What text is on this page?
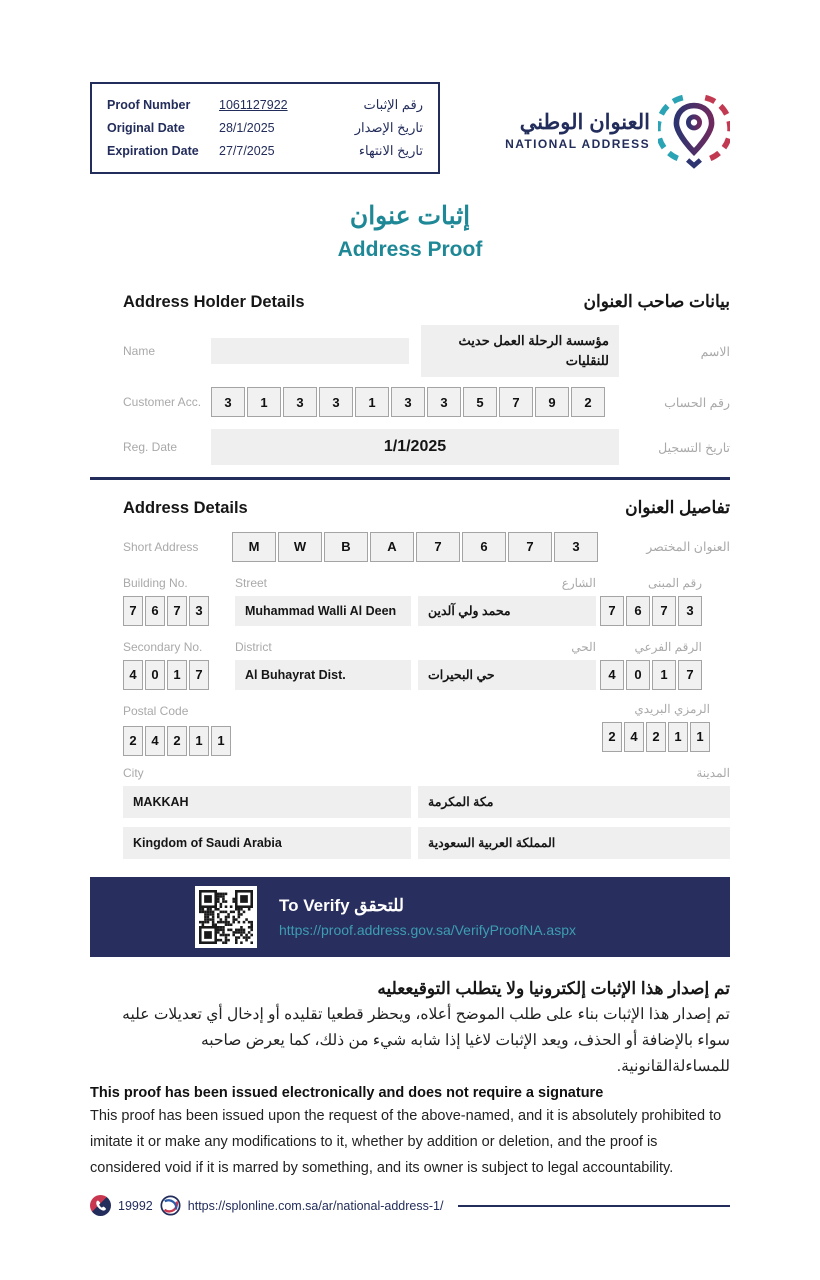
Proof Number	1061127922	رقم الإثبات
Original Date	28/1/2025	تاريخ الإصدار
Expiration Date	27/7/2025	تاريخ الانتهاء
العنوان الوطني
NATIONAL ADDRESS
إثبات عنوان
Address Proof
Address Holder Details	بيانات صاحب العنوان
Name
مؤسسة الرحلة العمل حديث للنقليات
الاسم
Customer Acc.	3	1	3	3	1	3	3	5	7	9	2	رقم الحساب
Reg. Date	1/1/2025	تاريخ التسجيل
Address Details	تفاصيل العنوان
Short Address	M	W	B	A	7	6	7	3	العنوان المختصر
Building No.	Street
7	6	7	3	Muhammad Walli Al Deen
الشارع	رقم المبنى
محمد ولي آلدين	7	6	7	3
Secondary No.	District
4	0	1	7	Al Buhayrat Dist.
الحي	الرقم الفرعي
حي البحيرات	4	0	1	7
Postal Code
2	4	2	1	1
الرمزي البريدي
2	4	2	1	1
City
MAKKAH
المدينة
مكة المكرمة
Kingdom of Saudi Arabia	المملكة العربية السعودية
To Verify للتحقق
https://proof.address.gov.sa/VerifyProofNA.aspx
تم إصدار هذا الإثبات إلكترونيا ولا يتطلب التوقيععليه
تم إصدار هذا الإثبات بناء على طلب الموضح أعلاه، ويحظر قطعيا تقليده أو إدخال أي تعديلات عليه سواء بالإضافة أو الحذف، ويعد الإثبات لاغيا إذا شابه شيء من ذلك، كما يعرض صاحبه للمساءلةالقانونية.
This proof has been issued electronically and does not require a signature
This proof has been issued upon the request of the above-named, and it is absolutely prohibited to imitate it or make any modifications to it, whether by addition or deletion, and the proof is considered void if it is marred by something, and its owner is subject to legal accountability.
19992	https://splonline.com.sa/ar/national-address-1/
